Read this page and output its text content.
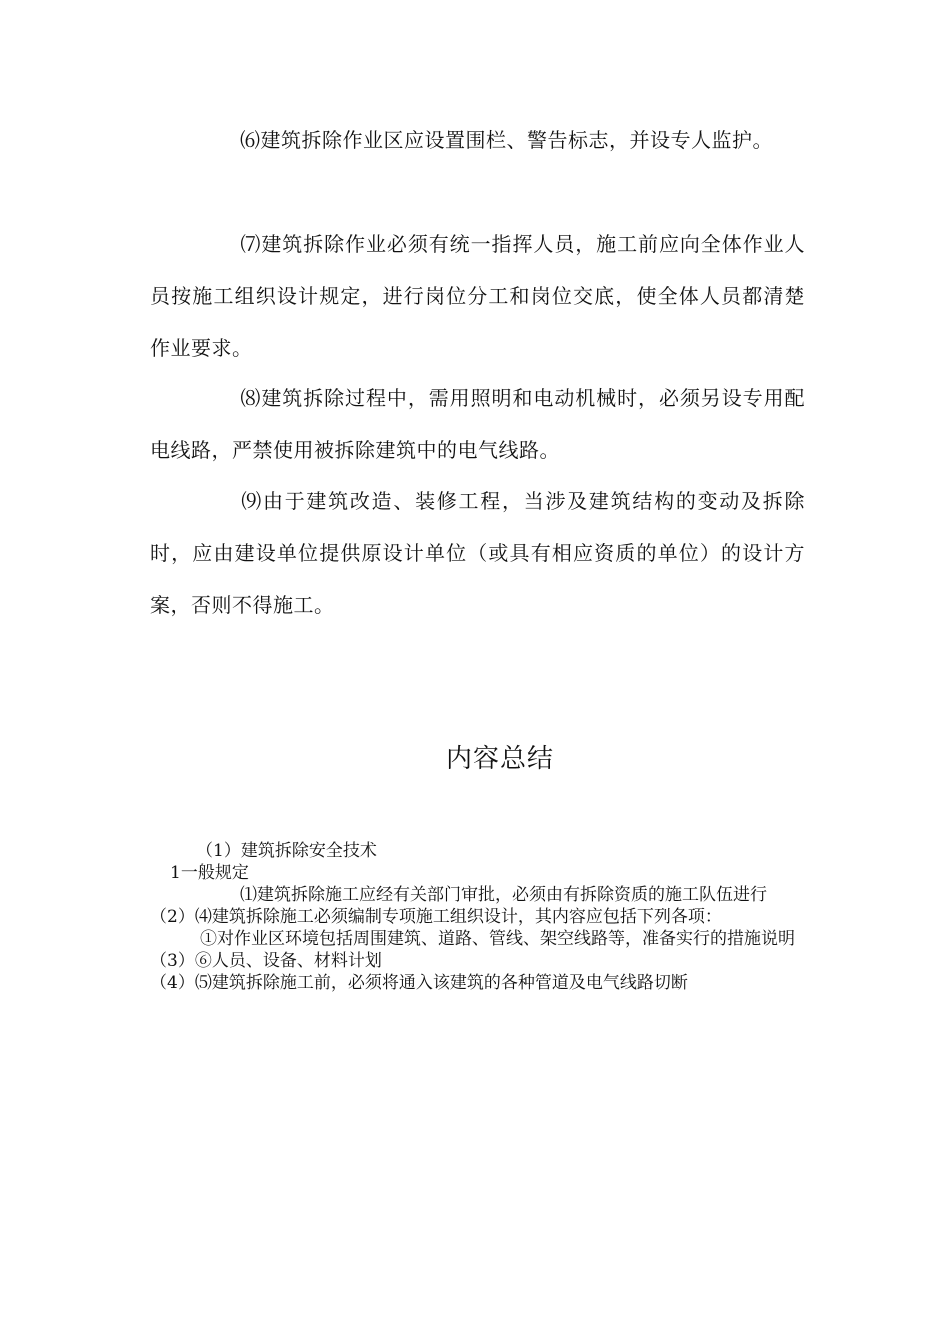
⑹建筑拆除作业区应设置围栏、警告标志，并设专人监护。

⑺建筑拆除作业必须有统一指挥人员，施工前应向全体作业人员按施工组织设计规定，进行岗位分工和岗位交底，使全体人员都清楚作业要求。

⑻建筑拆除过程中，需用照明和电动机械时，必须另设专用配电线路，严禁使用被拆除建筑中的电气线路。

⑼由于建筑改造、装修工程，当涉及建筑结构的变动及拆除时，应由建设单位提供原设计单位（或具有相应资质的单位）的设计方案，否则不得施工。

内容总结
（1）建筑拆除安全技术
1一般规定
⑴建筑拆除施工应经有关部门审批，必须由有拆除资质的施工队伍进行
（2）⑷建筑拆除施工必须编制专项施工组织设计，其内容应包括下列各项：
①对作业区环境包括周围建筑、道路、管线、架空线路等，准备实行的措施说明
（3）⑥人员、设备、材料计划
（4）⑸建筑拆除施工前，必须将通入该建筑的各种管道及电气线路切断
